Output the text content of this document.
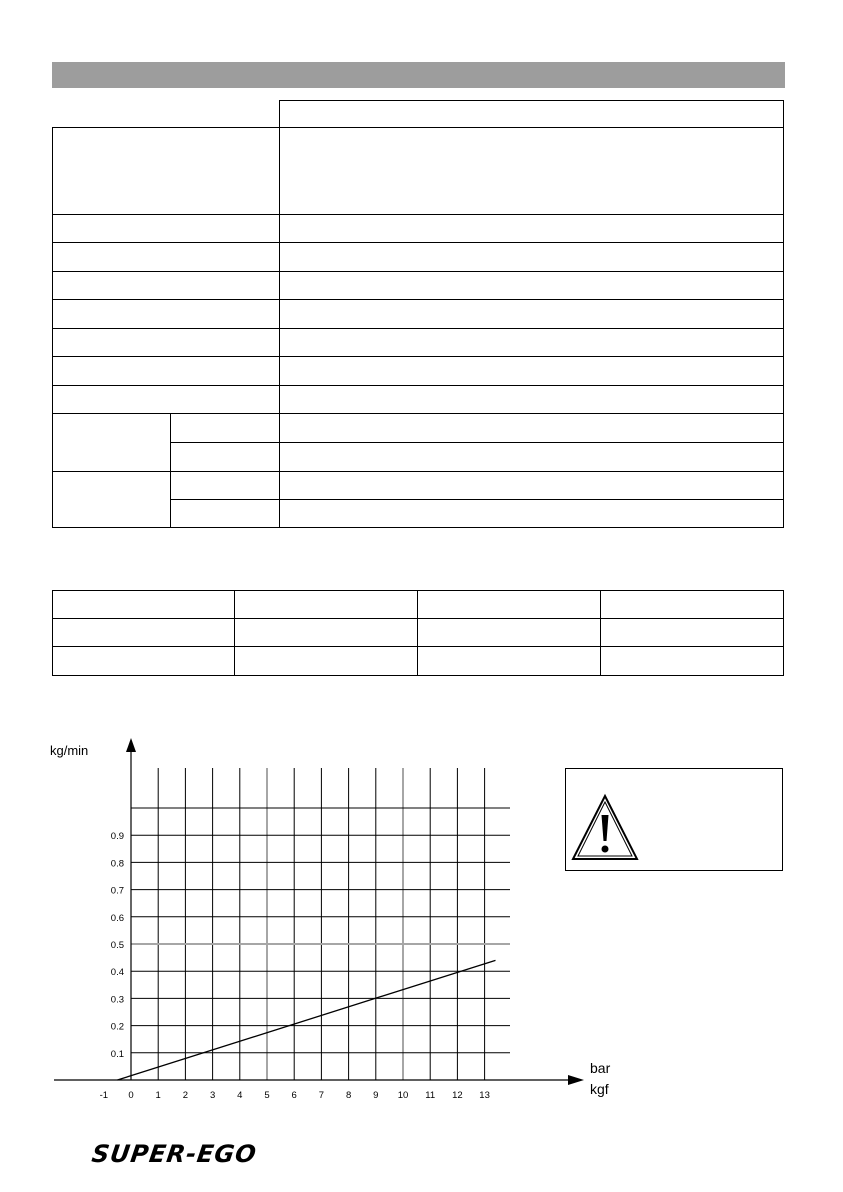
0.1
0.2
0.3
0.4
0.5
0.6
0.7
0.8
0.9
-1 0 1 2 3 4 5 6 7 8 9 10 11 12 13
kg/min
bar
kgf
SUPER-EGO
